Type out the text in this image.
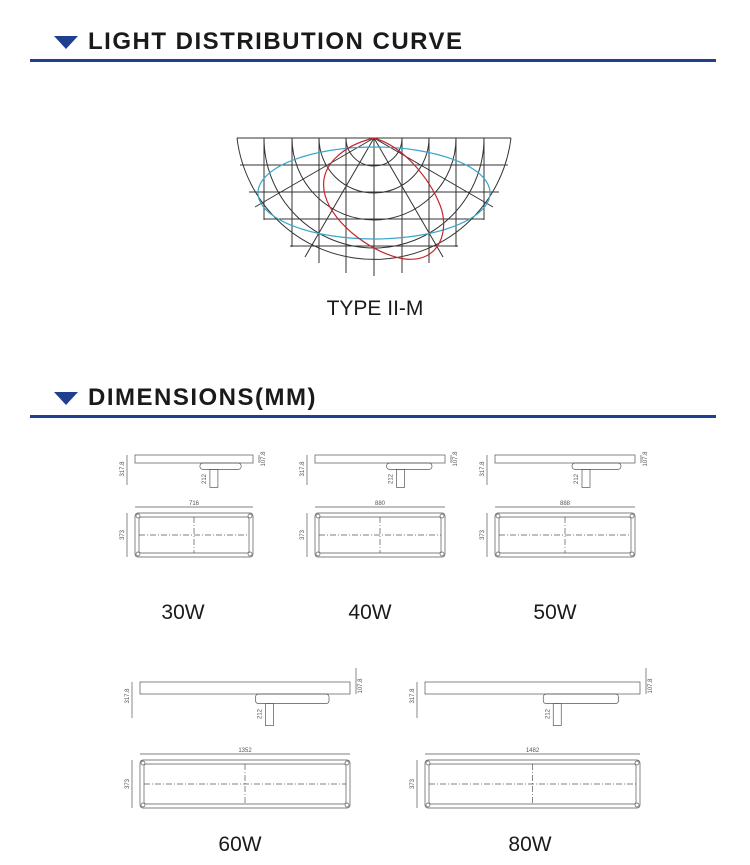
LIGHT DISTRIBUTION CURVE
TYPE II-M
DIMENSIONS(MM)
716
373
317.8
212
107.8
880
373
317.8
212
107.8
888
373
317.8
212
107.8
1352
373
317.8
212
107.8
1482
373
317.8
212
107.8
30W	40W	50W
60W	80W
